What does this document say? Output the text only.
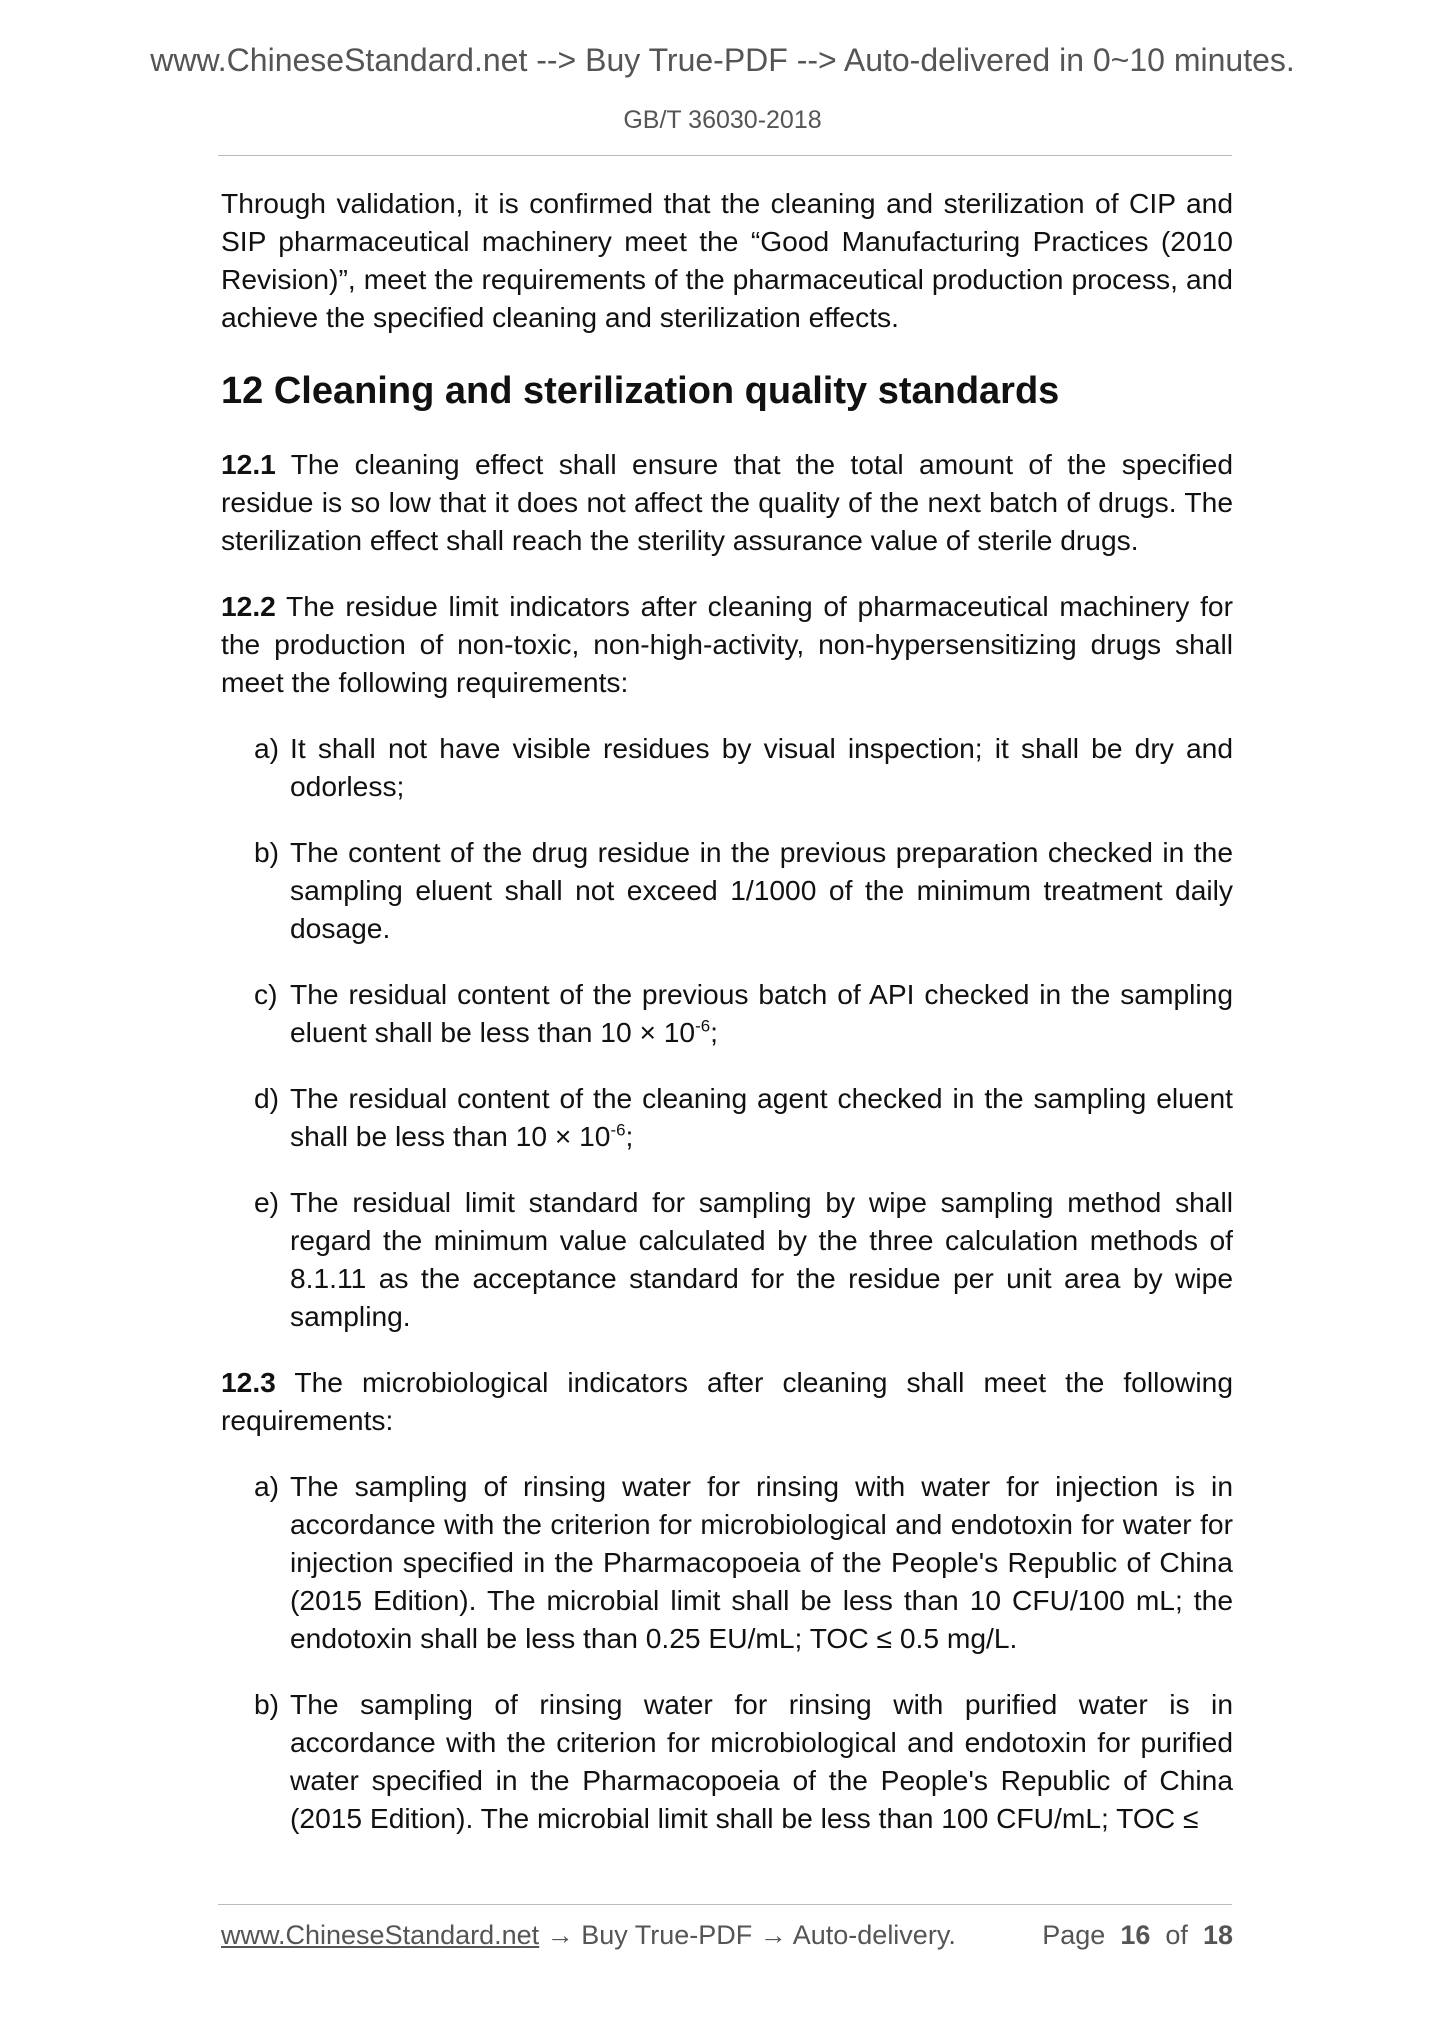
www.ChineseStandard.net --> Buy True-PDF --> Auto-delivered in 0~10 minutes.
GB/T 36030-2018

Through validation, it is confirmed that the cleaning and sterilization of CIP and SIP pharmaceutical machinery meet the “Good Manufacturing Practices (2010 Revision)”, meet the requirements of the pharmaceutical production process, and achieve the specified cleaning and sterilization effects.

12 Cleaning and sterilization quality standards

12.1 The cleaning effect shall ensure that the total amount of the specified residue is so low that it does not affect the quality of the next batch of drugs. The sterilization effect shall reach the sterility assurance value of sterile drugs.

12.2 The residue limit indicators after cleaning of pharmaceutical machinery for the production of non-toxic, non-high-activity, non-hypersensitizing drugs shall meet the following requirements:

a) It shall not have visible residues by visual inspection; it shall be dry and odorless;
b) The content of the drug residue in the previous preparation checked in the sampling eluent shall not exceed 1/1000 of the minimum treatment daily dosage.
c) The residual content of the previous batch of API checked in the sampling eluent shall be less than $10 \times 10^{-6}$;
d) The residual content of the cleaning agent checked in the sampling eluent shall be less than $10 \times 10^{-6}$;
e) The residual limit standard for sampling by wipe sampling method shall regard the minimum value calculated by the three calculation methods of 8.1.11 as the acceptance standard for the residue per unit area by wipe sampling.

12.3 The microbiological indicators after cleaning shall meet the following requirements:

a) The sampling of rinsing water for rinsing with water for injection is in accordance with the criterion for microbiological and endotoxin for water for injection specified in the Pharmacopoeia of the People's Republic of China (2015 Edition). The microbial limit shall be less than 10 CFU/100 mL; the endotoxin shall be less than 0.25 EU/mL; TOC ≤ 0.5 mg/L.
b) The sampling of rinsing water for rinsing with purified water is in accordance with the criterion for microbiological and endotoxin for purified water specified in the Pharmacopoeia of the People's Republic of China (2015 Edition). The microbial limit shall be less than 100 CFU/mL; TOC ≤
www.ChineseStandard.net → Buy True-PDF → Auto-delivery.	Page 16 of 18
